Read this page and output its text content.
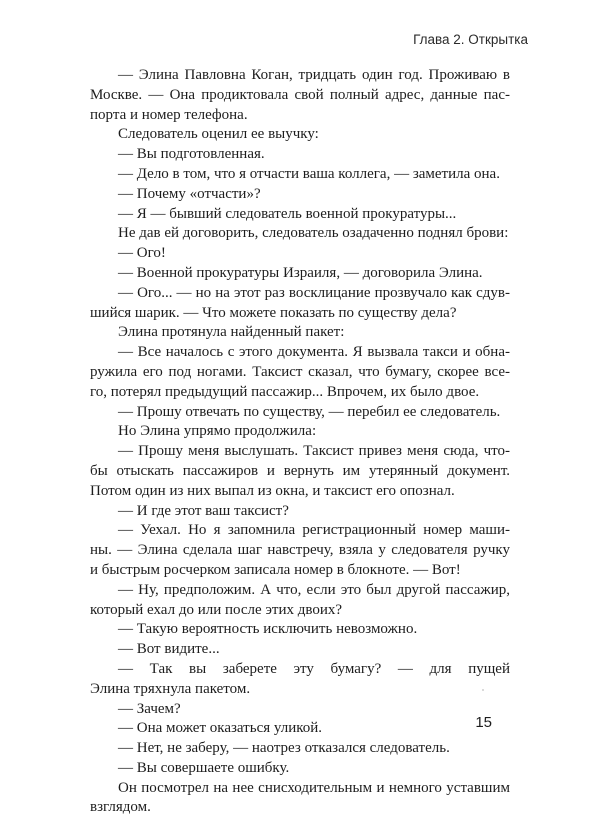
Глава 2. Открытка
— Элина Павловна Коган, тридцать один год. Проживаю в
Москве. — Она продиктовала свой полный адрес, данные пас-
порта и номер телефона.
Следователь оценил ее выучку:
— Вы подготовленная.
— Дело в том, что я отчасти ваша коллега, — заметила она.
— Почему «отчасти»?
— Я — бывший следователь военной прокуратуры...
Не дав ей договорить, следователь озадаченно поднял брови:
— Ого!
— Военной прокуратуры Израиля, — договорила Элина.
— Ого... — но на этот раз восклицание прозвучало как сдув-
шийся шарик. — Что можете показать по существу дела?
Элина протянула найденный пакет:
— Все началось с этого документа. Я вызвала такси и обна-
ружила его под ногами. Таксист сказал, что бумагу, скорее все-
го, потерял предыдущий пассажир... Впрочем, их было двое.
— Прошу отвечать по существу, — перебил ее следователь.
Но Элина упрямо продолжила:
— Прошу меня выслушать. Таксист привез меня сюда, что-
бы отыскать пассажиров и вернуть им утерянный документ.
Потом один из них выпал из окна, и таксист его опознал.
— И где этот ваш таксист?
— Уехал. Но я запомнила регистрационный номер маши-
ны. — Элина сделала шаг навстречу, взяла у следователя ручку
и быстрым росчерком записала номер в блокноте. — Вот!
— Ну, предположим. А что, если это был другой пассажир,
который ехал до или после этих двоих?
— Такую вероятность исключить невозможно.
— Вот видите...
— Так вы заберете эту бумагу? — для пущей
Элина тряхнула пакетом.
— Зачем?
— Она может оказаться уликой.
— Нет, не заберу, — наотрез отказался следователь.
— Вы совершаете ошибку.
Он посмотрел на нее снисходительным и немного уставшим
взглядом.
15
